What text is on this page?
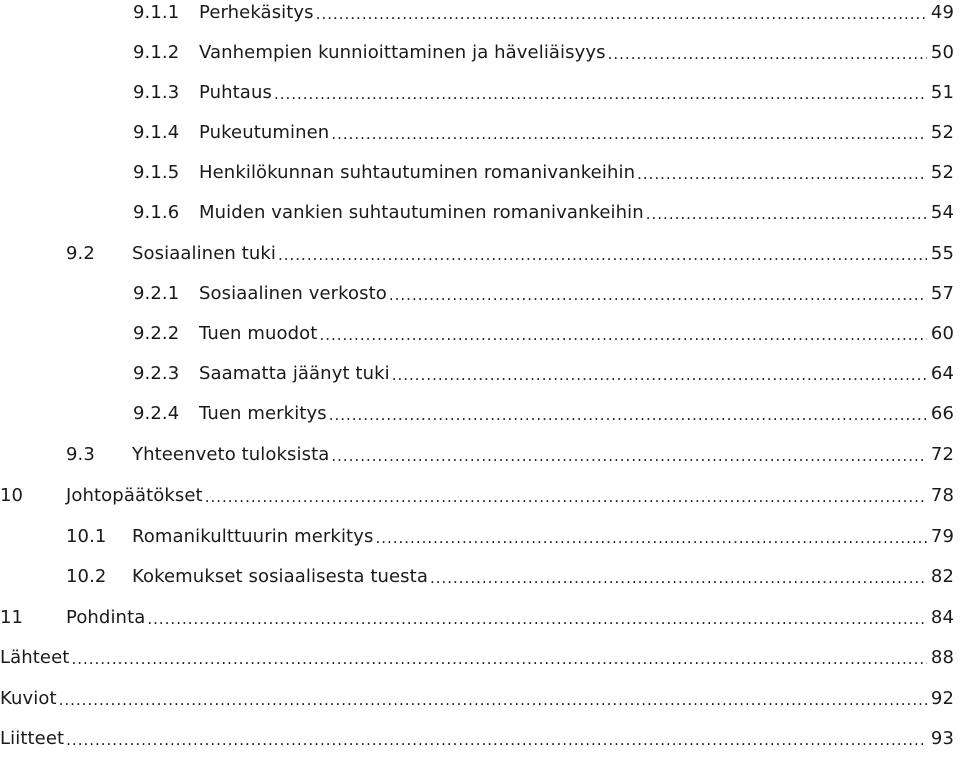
9.1.1	Perhekäsitys .....	49
9.1.2	Vanhempien kunnioittaminen ja häveliäisyys .....	50
9.1.3	Puhtaus .....	51
9.1.4	Pukeutuminen .....	52
9.1.5	Henkilökunnan suhtautuminen romanivankeihin .....	52
9.1.6	Muiden vankien suhtautuminen romanivankeihin .....	54
9.2	Sosiaalinen tuki .....	55
9.2.1	Sosiaalinen verkosto .....	57
9.2.2	Tuen muodot .....	60
9.2.3	Saamatta jäänyt tuki .....	64
9.2.4	Tuen merkitys .....	66
9.3	Yhteenveto tuloksista .....	72
10	Johtopäätökset .....	78
10.1	Romanikulttuurin merkitys .....	79
10.2	Kokemukset sosiaalisesta tuesta .....	82
11	Pohdinta .....	84
Lähteet .....	88
Kuviot .....	92
Liitteet .....	93
